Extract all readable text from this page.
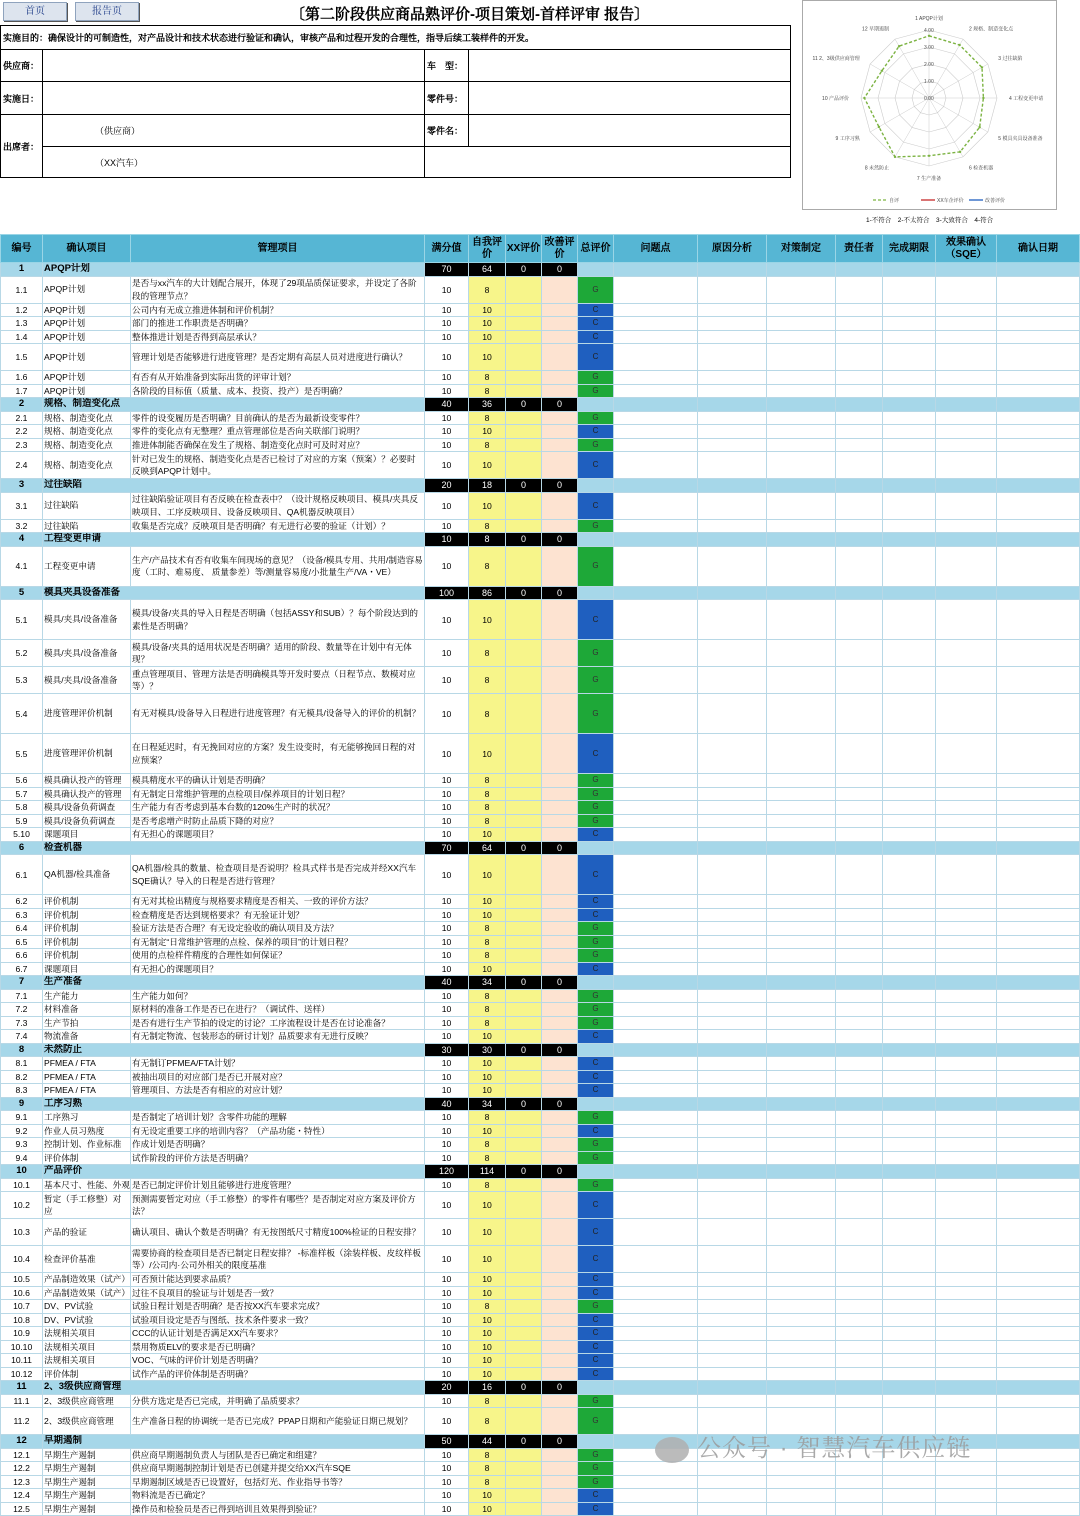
首页	报告页	〔第二阶段供应商品熟评价-项目策划-首样评审 报告〕
实施目的：确保设计的可制造性，对产品设计和技术状态进行验证和确认，审核产品和过程开发的合理性，指导后续工装样件的开发。			
供应商：		车　型：	
实施日：		零件号：	
出席者：	（供应商）	零件名：	
	（XX汽车）		
0.00
1.00
2.00
3.00
4.00
1 APQP计划
2 规格、制造变化点
3 过往缺陷
4 工程变更申请
5 模具夹具设备准备
6 检查机器
7 生产准备
8 未然防止
9 工序习熟
10 产品评价
11 2、3级供应商管理
12 早期遏制
自评	XX车企评价	改善评价
1-不符合　2-不太符合　3-大致符合　4-符合
编号	确认项目	管理项目	满分值	自我评价	XX评价	改善评价	总评价	问题点	原因分析	对策制定	责任者	完成期限	效果确认（SQE）	确认日期
1	APQP计划		70	64	0	0								
1.1	APQP计划	是否与xx汽车的大计划配合展开，体现了29项品质保证要求，并设定了各阶段的管理节点？	10	8			G							
1.2	APQP计划	公司内有无成立推进体制和评价机制？	10	10			C							
1.3	APQP计划	部门的推进工作职责是否明确？	10	10			C							
1.4	APQP计划	整体推进计划是否得到高层承认？	10	10			C							
1.5	APQP计划	管理计划是否能够进行进度管理？是否定期有高层人员对进度进行确认？	10	10			C							
1.6	APQP计划	有否有从开始准备到实际出货的评审计划？	10	8			G							
1.7	APQP计划	各阶段的目标值（质量、成本、投资、投产）是否明确？	10	8			G							
2	规格、制造变化点		40	36	0	0								
2.1	规格、制造变化点	零件的设变履历是否明确？目前确认的是否为最新设变零件？	10	8			G							
2.2	规格、制造变化点	零件的变化点有无整理？重点管理部位是否向关联部门说明？	10	10			C							
2.3	规格、制造变化点	推进体制能否确保在发生了规格、制造变化点时可及时对应？	10	8			G							
2.4	规格、制造变化点	针对已发生的规格、制造变化点是否已检讨了对应的方案（预案）？必要时反映到APQP计划中。	10	10			C							
3	过往缺陷		20	18	0	0								
3.1	过往缺陷	过往缺陷验证项目有否反映在检查表中？（设计规格反映项目、模具/夹具反映项目、工序反映项目、设备反映项目、QA机器反映项目）	10	10			C							
3.2	过往缺陷	收集是否完成？反映项目是否明确？有无进行必要的验证（计划）？	10	8			G							
4	工程变更申请		10	8	0	0								
4.1	工程变更申请	生产/产品技术有否有收集车间现场的意见？（设备/模具专用、共用/制造容易度（工时、难易度、 质量参差）等/测量容易度/小批量生产/VA・VE）	10	8			G							
5	模具夹具设备准备		100	86	0	0								
5.1	模具/夹具/设备准备	模具/设备/夹具的导入日程是否明确（包括ASSY和SUB）？每个阶段达到的素性是否明确？	10	10			C							
5.2	模具/夹具/设备准备	模具/设备/夹具的适用状况是否明确？适用的阶段、数量等在计划中有无体现？	10	8			G							
5.3	模具/夹具/设备准备	重点管理项目、管理方法是否明确模具等开发时要点（日程节点、数模对应等）？	10	8			G							
5.4	进度管理评价机制	有无对模具/设备导入日程进行进度管理？有无模具/设备导入的评价的机制？	10	8			G							
5.5	进度管理评价机制	在日程延迟时，有无挽回对应的方案？发生设变时，有无能够挽回日程的对应预案？	10	10			C							
5.6	模具确认投产的管理	模具精度水平的确认计划是否明确？	10	8			G							
5.7	模具确认投产的管理	有无制定日常维护管理的点检项目/保养项目的计划日程？	10	8			G							
5.8	模具/设备负荷调查	生产能力有否考虑到基本台数的120%生产时的状况？	10	8			G							
5.9	模具/设备负荷调查	是否考虑增产时防止品质下降的对应？	10	8			G							
5.10	课题项目	有无担心的课题项目？	10	10			C							
6	检查机器		70	64	0	0								
6.1	QA机器/检具准备	QA机器/检具的数量、检查项目是否说明？检具式样书是否完成并经XX汽车SQE确认？导入的日程是否进行管理？	10	10			C							
6.2	评价机制	有无对其检出精度与规格要求精度是否相关、一致的评价方法？	10	10			C							
6.3	评价机制	检查精度是否达到规格要求？有无验证计划？	10	10			C							
6.4	评价机制	验证方法是否合理？有无设定验收的确认项目及方法？	10	8			G							
6.5	评价机制	有无制定“日常维护管理的点检、保养的项目”的计划日程？	10	8			G							
6.6	评价机制	使用的点检样件精度的合理性如何保证？	10	8			G							
6.7	课题项目	有无担心的课题项目？	10	10			C							
7	生产准备		40	34	0	0								
7.1	生产能力	生产能力如何？	10	8			G							
7.2	材料准备	原材料的准备工作是否已在进行？（调试件、送样）	10	8			G							
7.3	生产节拍	是否有进行生产节拍的设定的讨论？工序流程设计是否在讨论准备？	10	8			G							
7.4	物流准备	有无制定物流、包装形态的研讨计划？品质要求有无进行反映？	10	10			C							
8	未然防止		30	30	0	0								
8.1	PFMEA / FTA	有无制订PFMEA/FTA计划？	10	10			C							
8.2	PFMEA / FTA	被抽出项目的对应部门是否已开展对应？	10	10			C							
8.3	PFMEA / FTA	管理项目、方法是否有相应的对应计划？	10	10			C							
9	工序习熟		40	34	0	0								
9.1	工序熟习	是否制定了培训计划？含零件功能的理解	10	8			G							
9.2	作业人员习熟度	有无设定重要工序的培训内容？（产品功能・特性）	10	10			C							
9.3	控制计划、作业标准	作成计划是否明确？	10	8			G							
9.4	评价体制	试作阶段的评价方法是否明确？	10	8			G							
10	产品评价		120	114	0	0								
10.1	基本尺寸、性能、外观	是否已制定评价计划且能够进行进度管理？	10	8			G							
10.2	暂定（手工修整）对应	预测需要暂定对应（手工修整）的零件有哪些？是否制定对应方案及评价方法？	10	10			C							
10.3	产品的验证	确认项目、确认个数是否明确？有无按图纸尺寸精度100%检证的日程安排？	10	10			C							
10.4	检查评价基准	需要协商的检查项目是否已制定日程安排？ -标准样板（涂装样板、皮纹样板等）/公司内·公司外相关的限度基准	10	10			C							
10.5	产品制造效果（试产）	可否预计能达到要求品质？	10	10			C							
10.6	产品制造效果（试产）	过往不良项目的验证与计划是否一致？	10	10			C							
10.7	DV、PV试验	试验日程计划是否明确？是否按XX汽车要求完成？	10	8			G							
10.8	DV、PV试验	试验项目设定是否与图纸、技术条件要求一致？	10	10			C							
10.9	法规相关项目	CCC的认证计划是否满足XX汽车要求？	10	10			C							
10.10	法规相关项目	禁用物质ELV的要求是否已明确？	10	10			C							
10.11	法规相关项目	VOC、气味的评价计划是否明确？	10	10			C							
10.12	评价体制	试作产品的评价体制是否明确？	10	10			C							
11	2、3级供应商管理		20	16	0	0								
11.1	2、3级供应商管理	分供方选定是否已完成，并明确了品质要求？	10	8			G							
11.2	2、3级供应商管理	生产准备日程的协调统一是否已完成？PPAP日期和产能验证日期已规划？	10	8			G							
12	早期遏制		50	44	0	0								
12.1	早期生产遏制	供应商早期遏制负责人与团队是否已确定和组建？	10	8			G							
12.2	早期生产遏制	供应商早期遏制控制计划是否已创建并提交给XX汽车SQE	10	8			G							
12.3	早期生产遏制	早期遏制区域是否已设置好，包括灯光、作业指导书等？	10	8			G							
12.4	早期生产遏制	物料流是否已确定？	10	10			C							
12.5	早期生产遏制	操作员和检验员是否已得到培训且效果得到验证？	10	10			C							
公众号 · 智慧汽车供应链
